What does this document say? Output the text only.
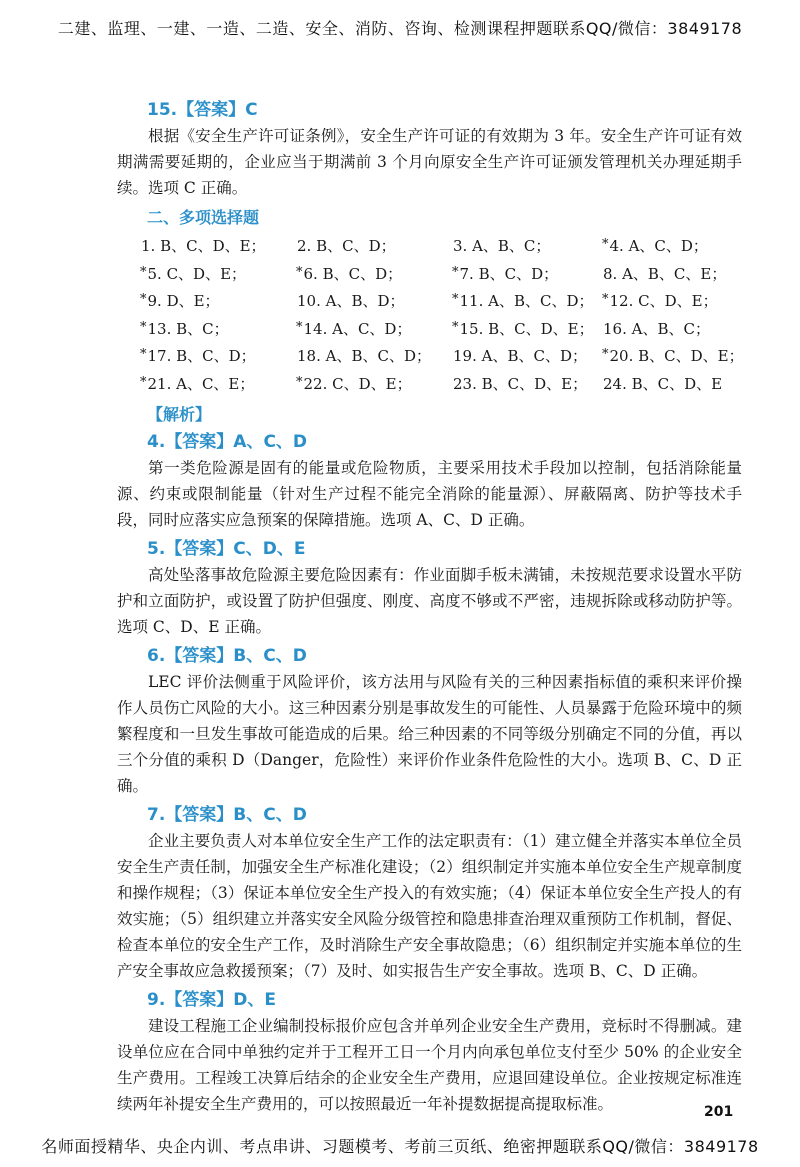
二建、监理、一建、一造、二造、安全、消防、咨询、检测课程押题联系QQ/微信：3849178
15.【答案】C

根据《安全生产许可证条例》，安全生产许可证的有效期为 3 年。安全生产许可证有效期满需要延期的，企业应当于期满前 3 个月向原安全生产许可证颁发管理机关办理延期手续。选项 C 正确。

二、多项选择题
1. B、C、D、E；	2. B、C、D；	3. A、B、C；	*4. A、C、D；
*5. C、D、E；	*6. B、C、D；	*7. B、C、D；	8. A、B、C、E；
*9. D、E；	10. A、B、D；	*11. A、B、C、D； *12. C、D、E；
*13. B、C；	*14. A、C、D；	*15. B、C、D、E； 16. A、B、C；
*17. B、C、D；	18. A、B、C、D；	19. A、B、C、D；	*20. B、C、D、E；
*21. A、C、E；	*22. C、D、E；	23. B、C、D、E；	24. B、C、D、E
【解析】
4.【答案】A、C、D

第一类危险源是固有的能量或危险物质，主要采用技术手段加以控制，包括消除能量源、约束或限制能量（针对生产过程不能完全消除的能量源）、屏蔽隔离、防护等技术手段，同时应落实应急预案的保障措施。选项 A、C、D 正确。

5.【答案】C、D、E

高处坠落事故危险源主要危险因素有：作业面脚手板未满铺，未按规范要求设置水平防护和立面防护，或设置了防护但强度、刚度、高度不够或不严密，违规拆除或移动防护等。选项 C、D、E 正确。

6.【答案】B、C、D

LEC 评价法侧重于风险评价，该方法用与风险有关的三种因素指标值的乘积来评价操作人员伤亡风险的大小。这三种因素分别是事故发生的可能性、人员暴露于危险环境中的频繁程度和一旦发生事故可能造成的后果。给三种因素的不同等级分别确定不同的分值，再以三个分值的乘积 D（Danger，危险性）来评价作业条件危险性的大小。选项 B、C、D 正确。

7.【答案】B、C、D

企业主要负责人对本单位安全生产工作的法定职责有：（1）建立健全并落实本单位全员安全生产责任制，加强安全生产标准化建设；（2）组织制定并实施本单位安全生产规章制度和操作规程；（3）保证本单位安全生产投入的有效实施；（4）保证本单位安全生产投人的有效实施；（5）组织建立并落实安全风险分级管控和隐患排查治理双重预防工作机制，督促、检查本单位的安全生产工作，及时消除生产安全事故隐患；（6）组织制定并实施本单位的生产安全事故应急救援预案；（7）及时、如实报告生产安全事故。选项 B、C、D 正确。

9.【答案】D、E

建设工程施工企业编制投标报价应包含并单列企业安全生产费用，竞标时不得删减。建设单位应在合同中单独约定并于工程开工日一个月内向承包单位支付至少 50% 的企业安全生产费用。工程竣工决算后结余的企业安全生产费用，应退回建设单位。企业按规定标准连续两年补提安全生产费用的，可以按照最近一年补提数据提高提取标准。	201
名师面授精华、央企内训、考点串讲、习题模考、考前三页纸、绝密押题联系QQ/微信：3849178
